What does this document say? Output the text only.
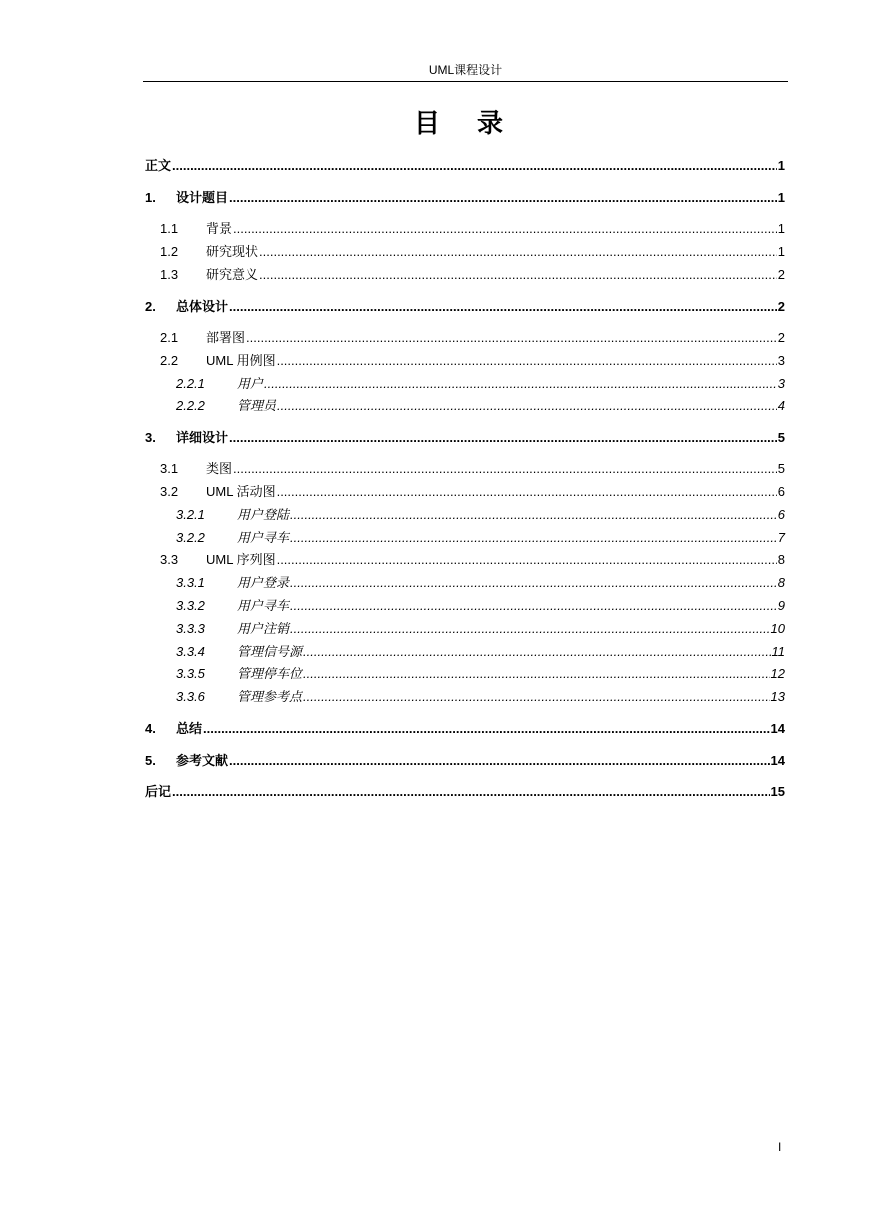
UML课程设计
目 录
正文 .....	1
1.	设计题目 .....	1
1.1	背景 .....	1
1.2	研究现状 .....	1
1.3	研究意义 .....	2
2.	总体设计 .....	2
2.1	部署图 .....	2
2.2	UML 用例图 .....	3
2.2.1	用户 .....	3
2.2.2	管理员 .....	4
3.	详细设计 .....	5
3.1	类图 .....	5
3.2	UML 活动图 .....	6
3.2.1	用户登陆 .....	6
3.2.2	用户寻车 .....	7
3.3	UML 序列图 .....	8
3.3.1	用户登录 .....	8
3.3.2	用户寻车 .....	9
3.3.3	用户注销 .....	10
3.3.4	管理信号源 .....	11
3.3.5	管理停车位 .....	12
3.3.6	管理参考点 .....	13
4.	总结 .....	14
5.	参考文献 .....	14
后记 .....	15
I
